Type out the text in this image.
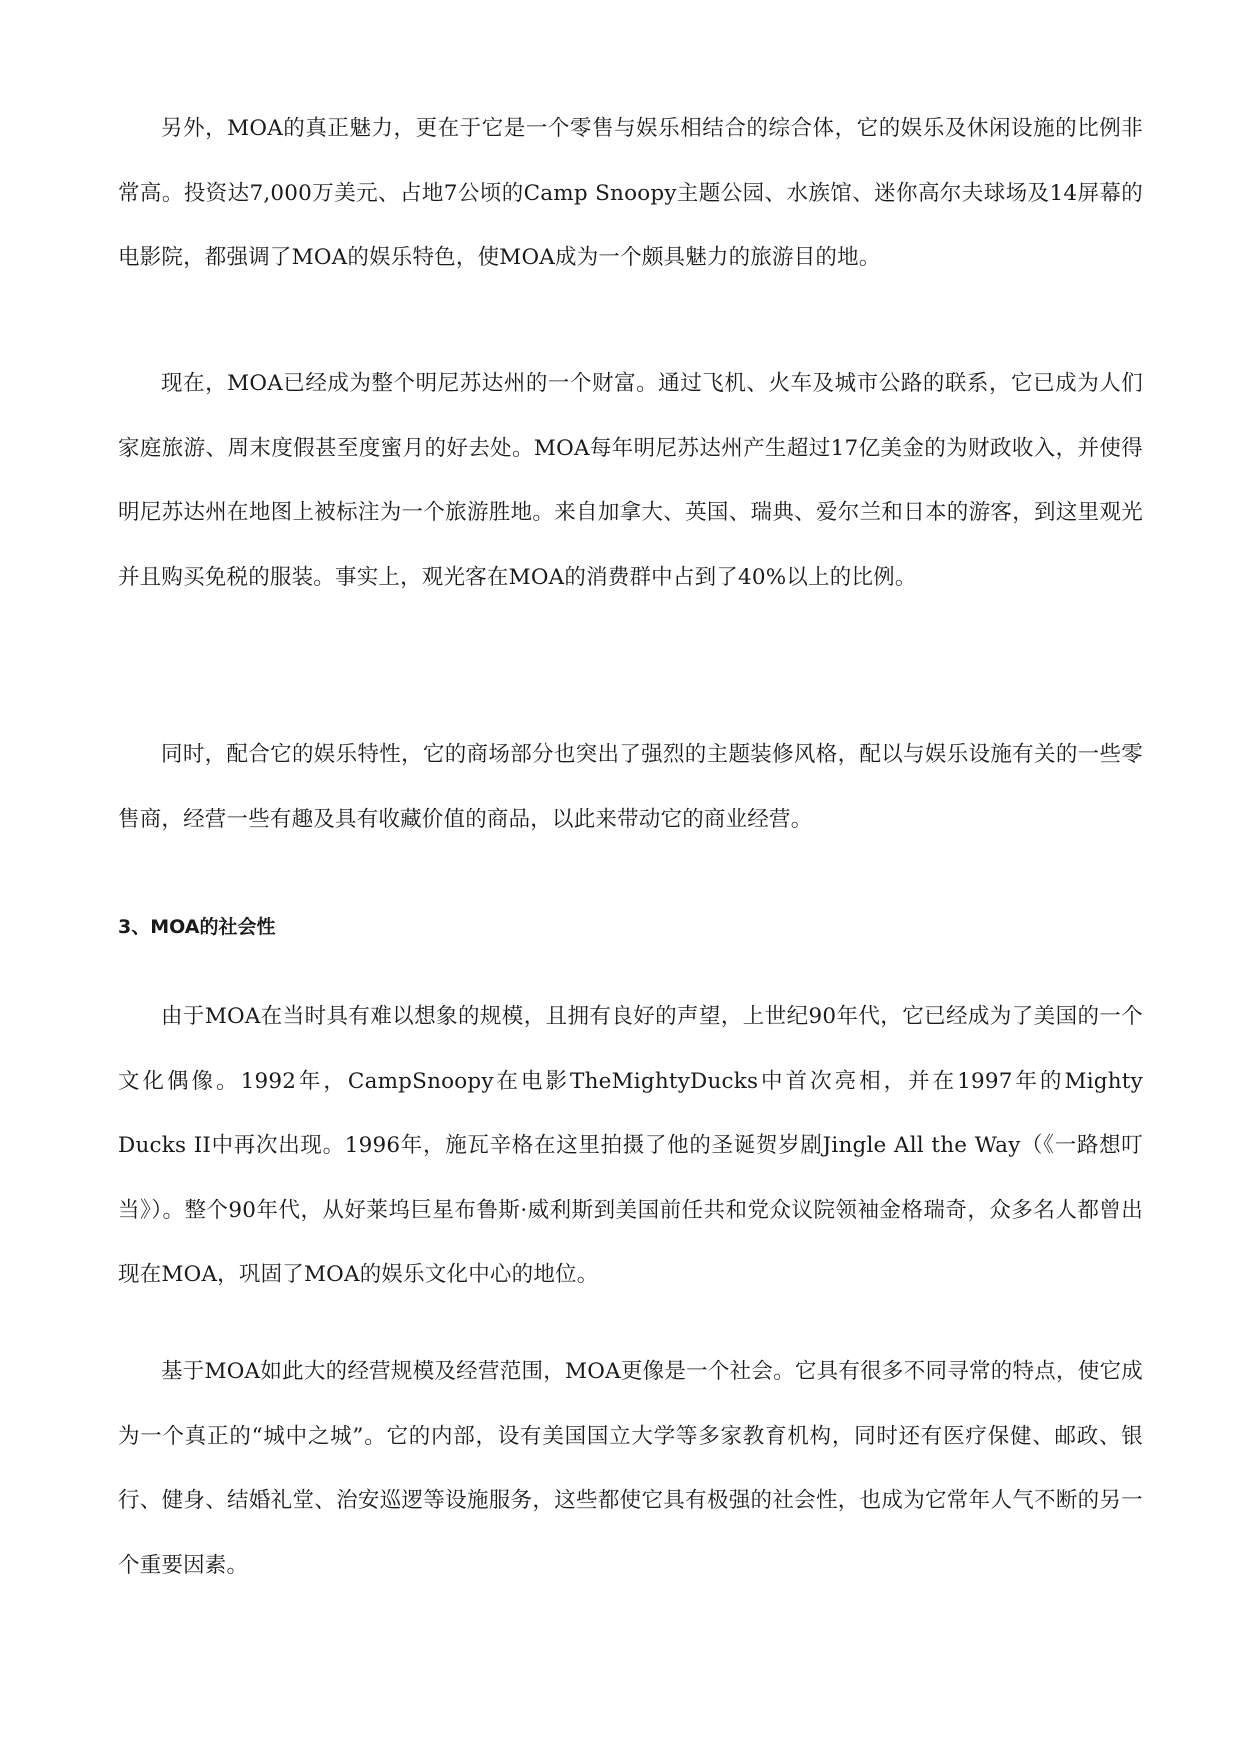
另外，MOA的真正魅力，更在于它是一个零售与娱乐相结合的综合体，它的娱乐及休闲设施的比例非常高。投资达7,000万美元、占地7公顷的Camp Snoopy主题公园、水族馆、迷你高尔夫球场及14屏幕的电影院，都强调了MOA的娱乐特色，使MOA成为一个颇具魅力的旅游目的地。

现在，MOA已经成为整个明尼苏达州的一个财富。通过飞机、火车及城市公路的联系，它已成为人们家庭旅游、周末度假甚至度蜜月的好去处。MOA每年明尼苏达州产生超过17亿美金的为财政收入，并使得明尼苏达州在地图上被标注为一个旅游胜地。来自加拿大、英国、瑞典、爱尔兰和日本的游客，到这里观光并且购买免税的服装。事实上，观光客在MOA的消费群中占到了40%以上的比例。

同时，配合它的娱乐特性，它的商场部分也突出了强烈的主题装修风格，配以与娱乐设施有关的一些零售商，经营一些有趣及具有收藏价值的商品，以此来带动它的商业经营。

3、MOA的社会性

由于MOA在当时具有难以想象的规模，且拥有良好的声望，上世纪90年代，它已经成为了美国的一个文化偶像。1992年，CampSnoopy在电影TheMightyDucks中首次亮相，并在1997年的Mighty Ducks II中再次出现。1996年，施瓦辛格在这里拍摄了他的圣诞贺岁剧Jingle All the Way（《一路想叮当》）。整个90年代，从好莱坞巨星布鲁斯·威利斯到美国前任共和党众议院领袖金格瑞奇，众多名人都曾出现在MOA，巩固了MOA的娱乐文化中心的地位。

基于MOA如此大的经营规模及经营范围，MOA更像是一个社会。它具有很多不同寻常的特点，使它成为一个真正的“城中之城”。它的内部，设有美国国立大学等多家教育机构，同时还有医疗保健、邮政、银行、健身、结婚礼堂、治安巡逻等设施服务，这些都使它具有极强的社会性，也成为它常年人气不断的另一个重要因素。
